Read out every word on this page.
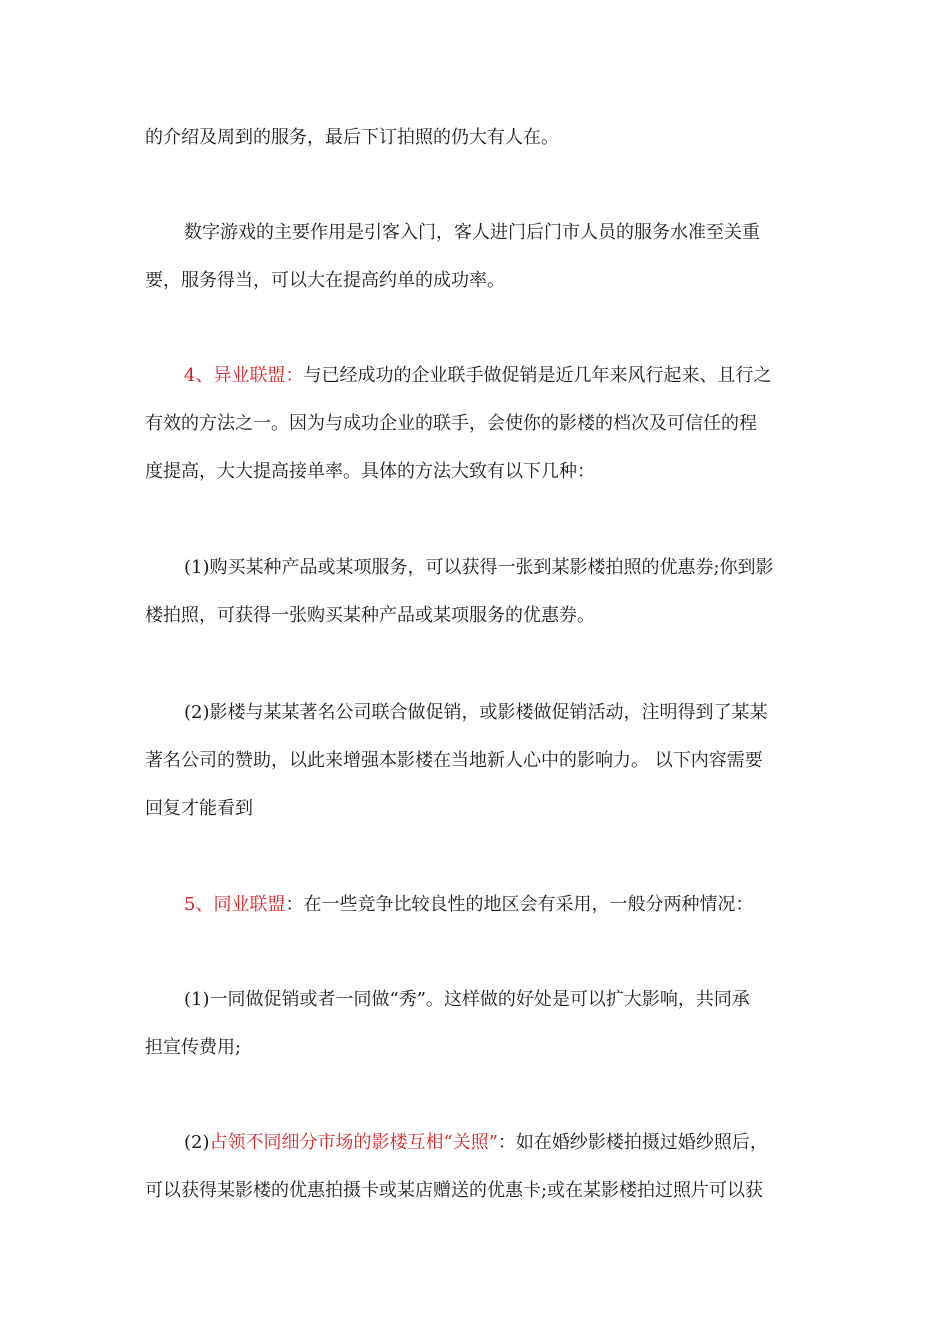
的介绍及周到的服务，最后下订拍照的仍大有人在。
数字游戏的主要作用是引客入门，客人进门后门市人员的服务水准至关重
要，服务得当，可以大在提高约单的成功率。
4、异业联盟：与已经成功的企业联手做促销是近几年来风行起来、且行之
有效的方法之一。因为与成功企业的联手，会使你的影楼的档次及可信任的程
度提高，大大提高接单率。具体的方法大致有以下几种：
(1)购买某种产品或某项服务，可以获得一张到某影楼拍照的优惠券;你到影
楼拍照，可获得一张购买某种产品或某项服务的优惠券。
(2)影楼与某某著名公司联合做促销，或影楼做促销活动，注明得到了某某
著名公司的赞助，以此来增强本影楼在当地新人心中的影响力。 以下内容需要
回复才能看到
5、同业联盟：在一些竞争比较良性的地区会有采用，一般分两种情况：
(1)一同做促销或者一同做“秀”。这样做的好处是可以扩大影响，共同承
担宣传费用;
(2)占领不同细分市场的影楼互相“关照”：如在婚纱影楼拍摄过婚纱照后，
可以获得某影楼的优惠拍摄卡或某店赠送的优惠卡;或在某影楼拍过照片可以获
